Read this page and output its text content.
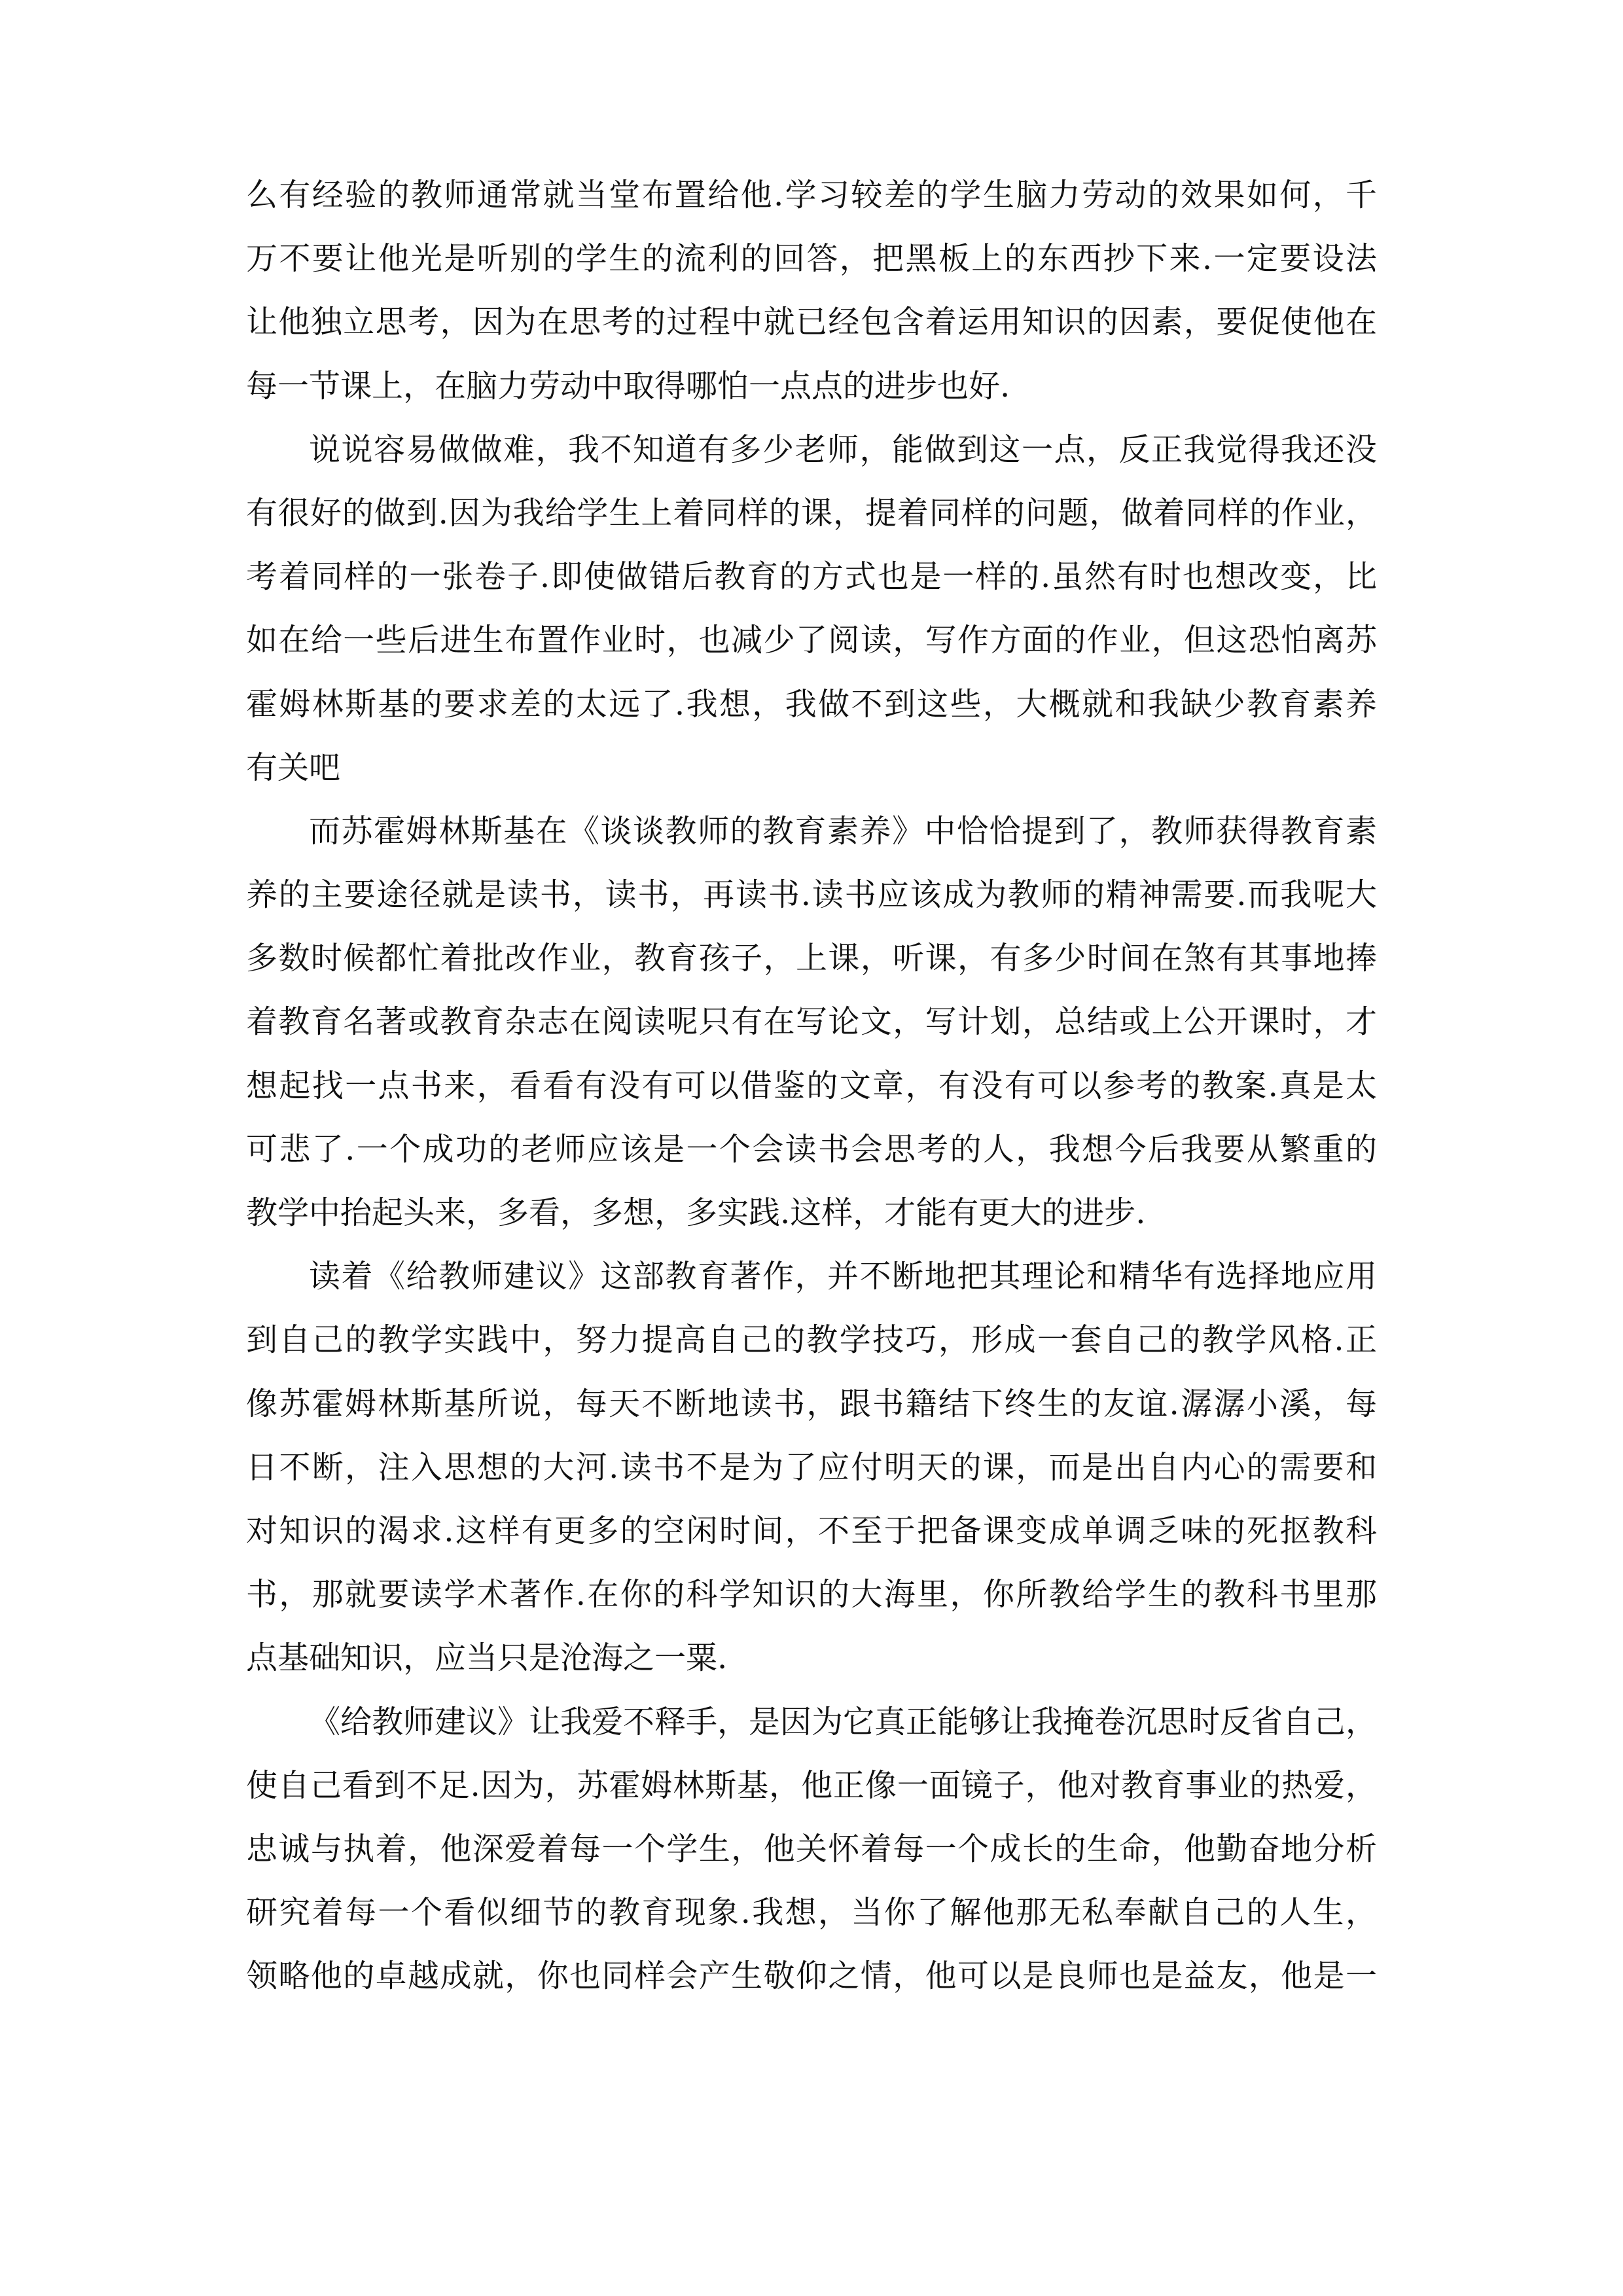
么有经验的教师通常就当堂布置给他.学习较差的学生脑力劳动的效果如何，千
万不要让他光是听别的学生的流利的回答，把黑板上的东西抄下来.一定要设法
让他独立思考，因为在思考的过程中就已经包含着运用知识的因素，要促使他在
每一节课上，在脑力劳动中取得哪怕一点点的进步也好.
说说容易做做难，我不知道有多少老师，能做到这一点，反正我觉得我还没
有很好的做到.因为我给学生上着同样的课，提着同样的问题，做着同样的作业，
考着同样的一张卷子.即使做错后教育的方式也是一样的.虽然有时也想改变，比
如在给一些后进生布置作业时，也减少了阅读，写作方面的作业，但这恐怕离苏
霍姆林斯基的要求差的太远了.我想，我做不到这些，大概就和我缺少教育素养
有关吧
而苏霍姆林斯基在《谈谈教师的教育素养》中恰恰提到了，教师获得教育素
养的主要途径就是读书，读书，再读书.读书应该成为教师的精神需要.而我呢大
多数时候都忙着批改作业，教育孩子，上课，听课，有多少时间在煞有其事地捧
着教育名著或教育杂志在阅读呢只有在写论文，写计划，总结或上公开课时，才
想起找一点书来，看看有没有可以借鉴的文章，有没有可以参考的教案.真是太
可悲了.一个成功的老师应该是一个会读书会思考的人，我想今后我要从繁重的
教学中抬起头来，多看，多想，多实践.这样，才能有更大的进步.
读着《给教师建议》这部教育著作，并不断地把其理论和精华有选择地应用
到自己的教学实践中，努力提高自己的教学技巧，形成一套自己的教学风格.正
像苏霍姆林斯基所说，每天不断地读书，跟书籍结下终生的友谊.潺潺小溪，每
日不断，注入思想的大河.读书不是为了应付明天的课，而是出自内心的需要和
对知识的渴求.这样有更多的空闲时间，不至于把备课变成单调乏味的死抠教科
书，那就要读学术著作.在你的科学知识的大海里，你所教给学生的教科书里那
点基础知识，应当只是沧海之一粟.
《给教师建议》让我爱不释手，是因为它真正能够让我掩卷沉思时反省自己，
使自己看到不足.因为，苏霍姆林斯基，他正像一面镜子，他对教育事业的热爱，
忠诚与执着，他深爱着每一个学生，他关怀着每一个成长的生命，他勤奋地分析
研究着每一个看似细节的教育现象.我想，当你了解他那无私奉献自己的人生，
领略他的卓越成就，你也同样会产生敬仰之情，他可以是良师也是益友，他是一
